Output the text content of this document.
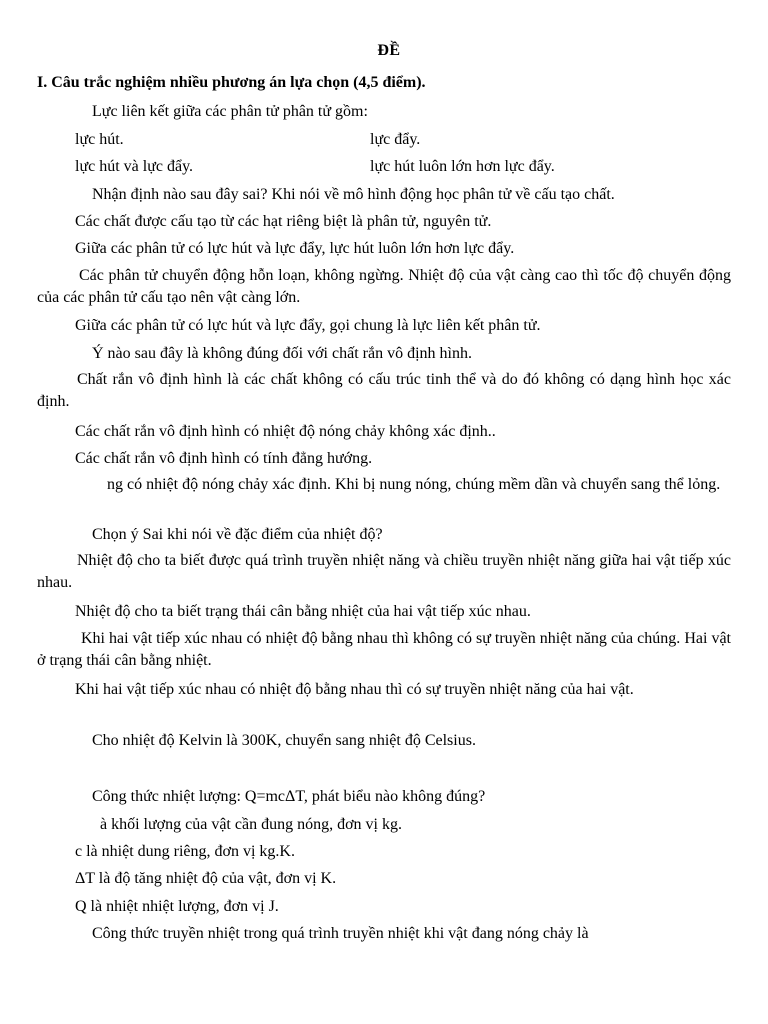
ĐỀ
I. Câu trắc nghiệm nhiều phương án lựa chọn (4,5 điểm).
Lực liên kết giữa các phân tử phân tử gồm:
lực hút.	lực đẩy.
lực hút và lực đẩy.	lực hút luôn lớn hơn lực đẩy.
Nhận định nào sau đây sai? Khi nói về mô hình động học phân tử về cấu tạo chất.
Các chất được cấu tạo từ các hạt riêng biệt là phân tử, nguyên tử.
Giữa các phân tử có lực hút và lực đẩy, lực hút luôn lớn hơn lực đẩy.
Các phân tử chuyển động hỗn loạn, không ngừng. Nhiệt độ của vật càng cao thì tốc độ chuyển động của các phân tử cấu tạo nên vật càng lớn.
Giữa các phân tử có lực hút và lực đẩy, gọi chung là lực liên kết phân tử.
Ý nào sau đây là không đúng đối với chất rắn vô định hình.
Chất rắn vô định hình là các chất không có cấu trúc tinh thể và do đó không có dạng hình học xác định.
Các chất rắn vô định hình có nhiệt độ nóng chảy không xác định..
Các chất rắn vô định hình có tính đẳng hướng.
ng có nhiệt độ nóng chảy xác định. Khi bị nung nóng, chúng mềm dần và chuyển sang thể lỏng.
Chọn ý Sai khi nói về đặc điểm của nhiệt độ?
Nhiệt độ cho ta biết được quá trình truyền nhiệt năng và chiều truyền nhiệt năng giữa hai vật tiếp xúc nhau.
Nhiệt độ cho ta biết trạng thái cân bằng nhiệt của hai vật tiếp xúc nhau.
Khi hai vật tiếp xúc nhau có nhiệt độ bằng nhau thì không có sự truyền nhiệt năng của chúng. Hai vật ở trạng thái cân bằng nhiệt.
Khi hai vật tiếp xúc nhau có nhiệt độ bằng nhau thì có sự truyền nhiệt năng của hai vật.
Cho nhiệt độ Kelvin là 300K, chuyển sang nhiệt độ Celsius.
Công thức nhiệt lượng: Q=mcΔT, phát biểu nào không đúng?
à khối lượng của vật cần đung nóng, đơn vị kg.
c là nhiệt dung riêng, đơn vị kg.K.
ΔT là độ tăng nhiệt độ của vật, đơn vị K.
Q là nhiệt nhiệt lượng, đơn vị J.
Công thức truyền nhiệt trong quá trình truyền nhiệt khi vật đang nóng chảy là
